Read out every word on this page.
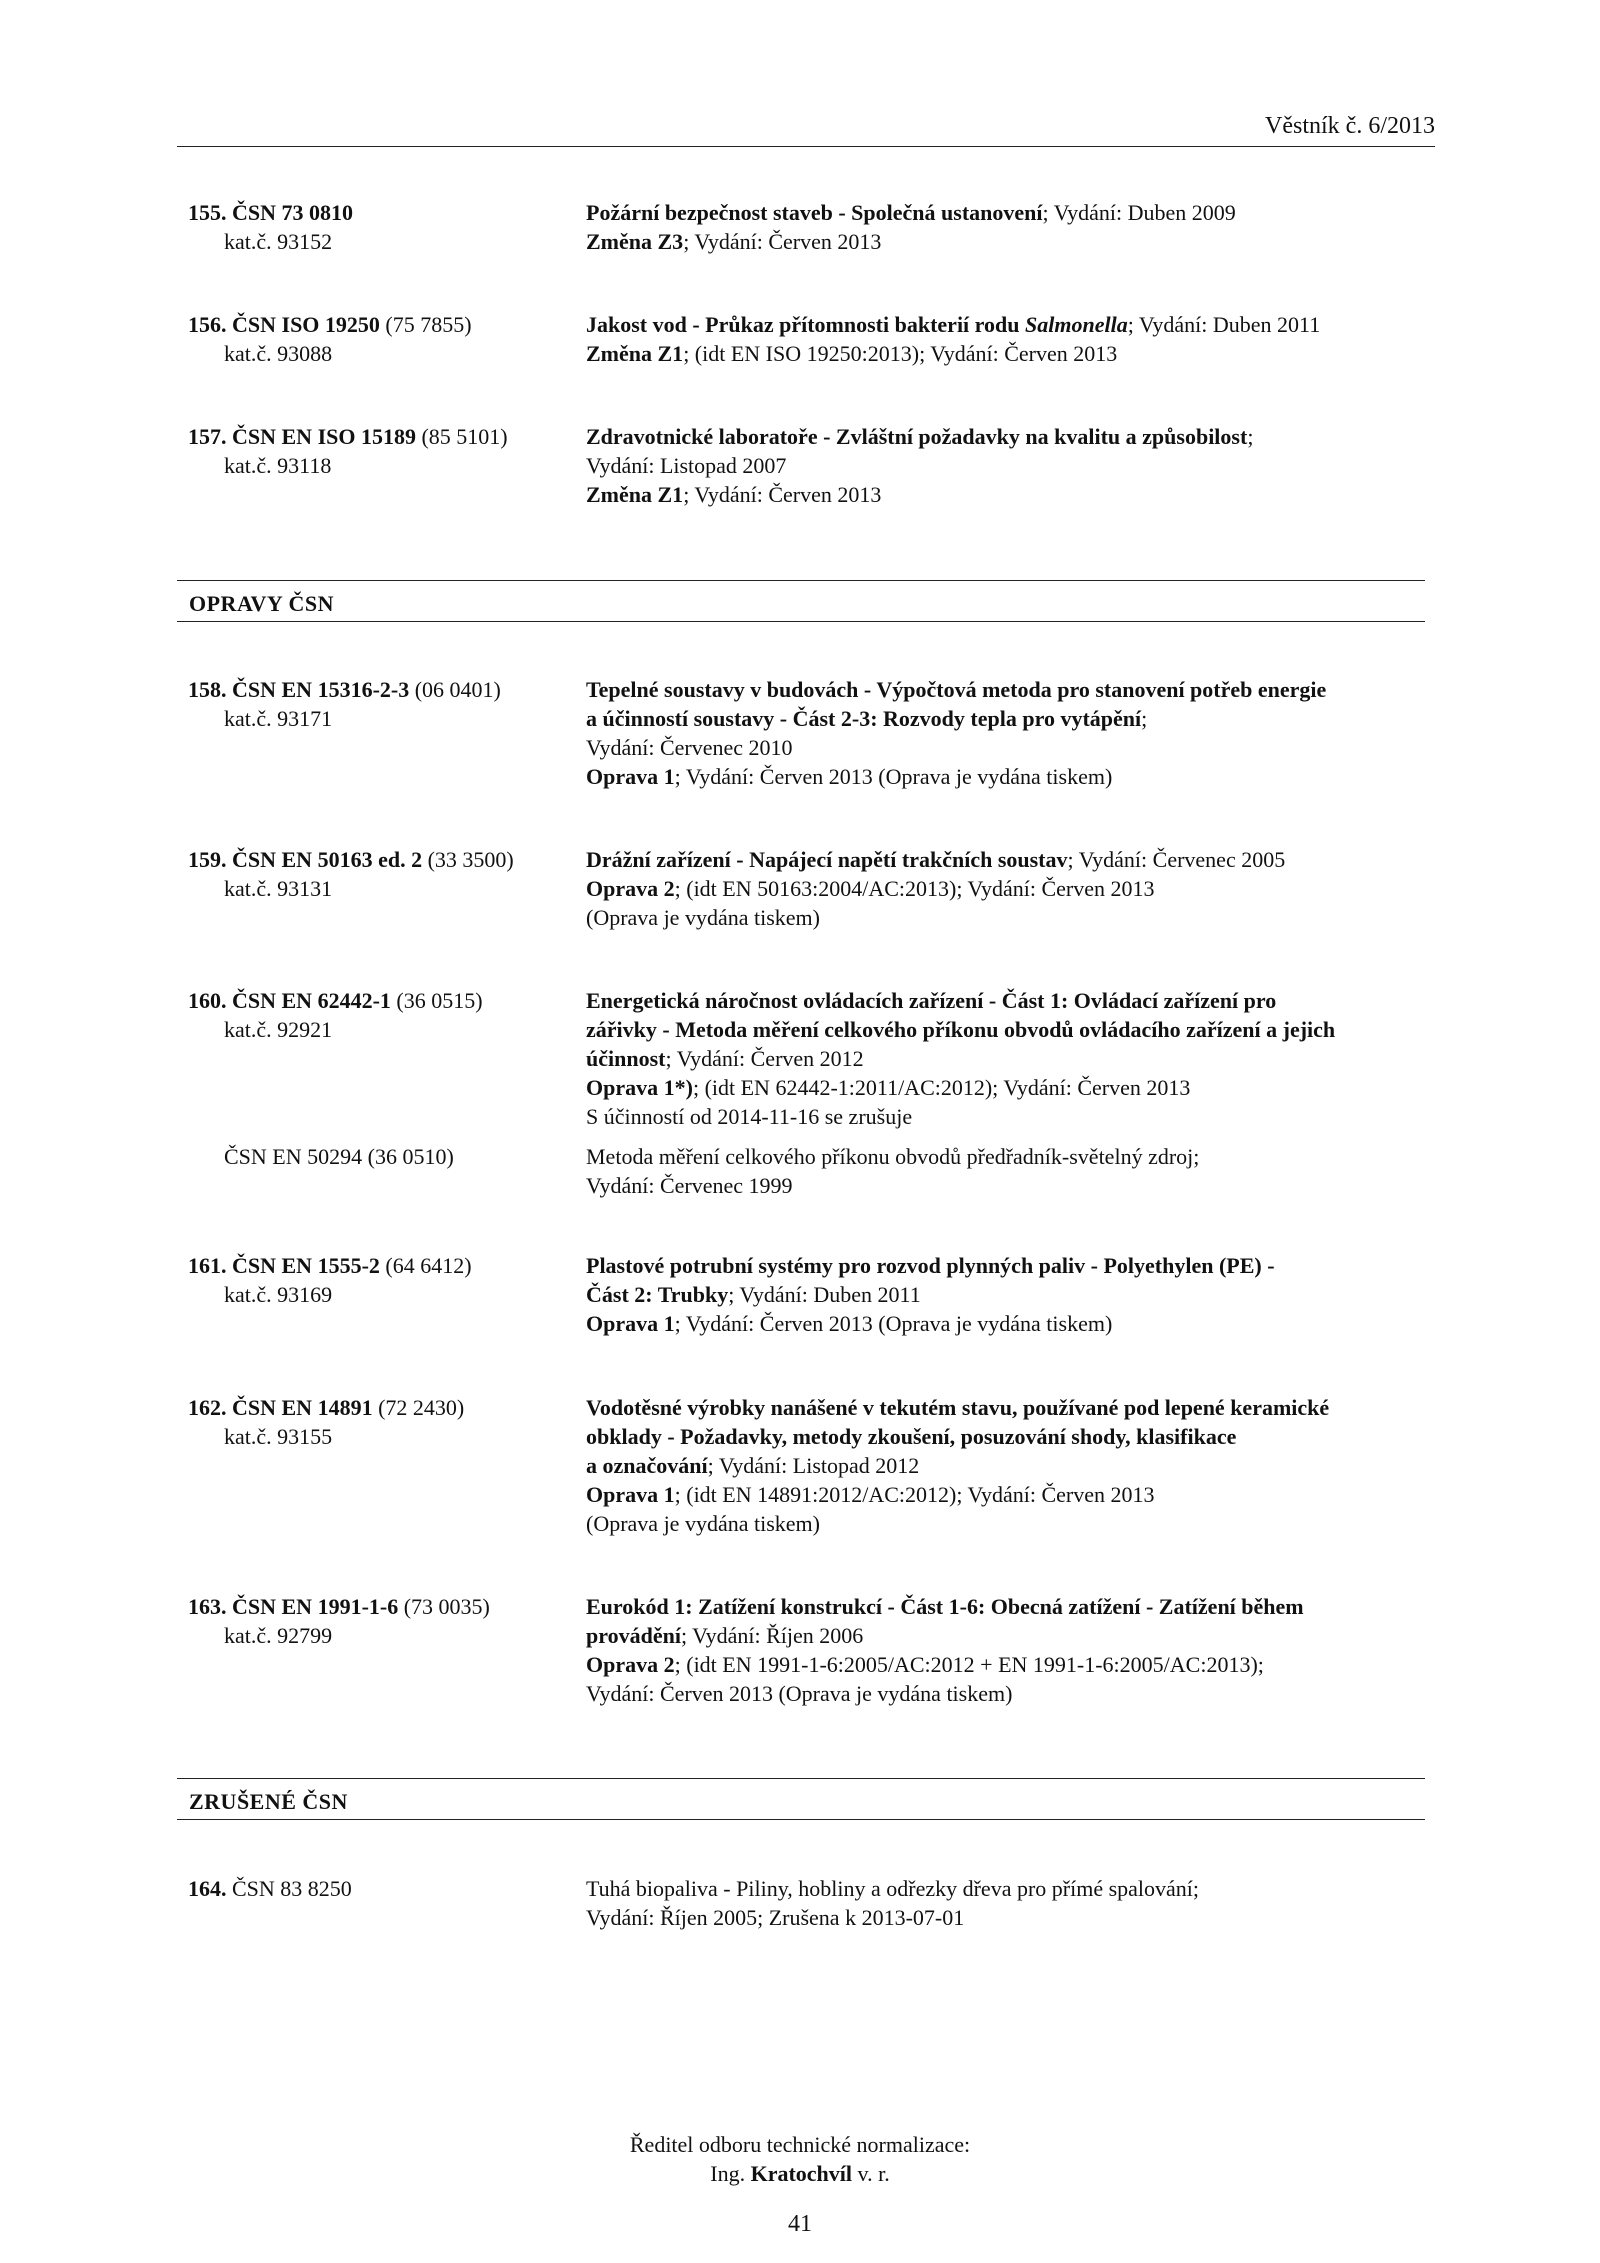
Věstník č. 6/2013
155. ČSN 73 0810
kat.č. 93152
Požární bezpečnost staveb - Společná ustanovení; Vydání: Duben 2009
Změna Z3; Vydání: Červen 2013
156. ČSN ISO 19250 (75 7855)
kat.č. 93088
Jakost vod - Průkaz přítomnosti bakterií rodu Salmonella; Vydání: Duben 2011
Změna Z1; (idt EN ISO 19250:2013); Vydání: Červen 2013
157. ČSN EN ISO 15189 (85 5101)
kat.č. 93118
Zdravotnické laboratoře - Zvláštní požadavky na kvalitu a způsobilost;
Vydání: Listopad 2007
Změna Z1; Vydání: Červen 2013
OPRAVY ČSN
158. ČSN EN 15316-2-3 (06 0401)
kat.č. 93171
Tepelné soustavy v budovách - Výpočtová metoda pro stanovení potřeb energie
a účinností soustavy - Část 2-3: Rozvody tepla pro vytápění;
Vydání: Červenec 2010
Oprava 1; Vydání: Červen 2013 (Oprava je vydána tiskem)
159. ČSN EN 50163 ed. 2 (33 3500)
kat.č. 93131
Drážní zařízení - Napájecí napětí trakčních soustav; Vydání: Červenec 2005
Oprava 2; (idt EN 50163:2004/AC:2013); Vydání: Červen 2013
(Oprava je vydána tiskem)
160. ČSN EN 62442-1 (36 0515)
kat.č. 92921
Energetická náročnost ovládacích zařízení - Část 1: Ovládací zařízení pro
zářivky - Metoda měření celkového příkonu obvodů ovládacího zařízení a jejich
účinnost; Vydání: Červen 2012
Oprava 1*); (idt EN 62442-1:2011/AC:2012); Vydání: Červen 2013
S účinností od 2014-11-16 se zrušuje
ČSN EN 50294 (36 0510)	Metoda měření celkového příkonu obvodů předřadník-světelný zdroj;
Vydání: Červenec 1999
161. ČSN EN 1555-2 (64 6412)
kat.č. 93169
Plastové potrubní systémy pro rozvod plynných paliv - Polyethylen (PE) -
Část 2: Trubky; Vydání: Duben 2011
Oprava 1; Vydání: Červen 2013 (Oprava je vydána tiskem)
162. ČSN EN 14891 (72 2430)
kat.č. 93155
Vodotěsné výrobky nanášené v tekutém stavu, používané pod lepené keramické
obklady - Požadavky, metody zkoušení, posuzování shody, klasifikace
a označování; Vydání: Listopad 2012
Oprava 1; (idt EN 14891:2012/AC:2012); Vydání: Červen 2013
(Oprava je vydána tiskem)
163. ČSN EN 1991-1-6 (73 0035)
kat.č. 92799
Eurokód 1: Zatížení konstrukcí - Část 1-6: Obecná zatížení - Zatížení během
provádění; Vydání: Říjen 2006
Oprava 2; (idt EN 1991-1-6:2005/AC:2012 + EN 1991-1-6:2005/AC:2013);
Vydání: Červen 2013 (Oprava je vydána tiskem)
ZRUŠENÉ ČSN
164. ČSN 83 8250	Tuhá biopaliva - Piliny, hobliny a odřezky dřeva pro přímé spalování;
Vydání: Říjen 2005; Zrušena k 2013-07-01
Ředitel odboru technické normalizace:
Ing. Kratochvíl v. r.
41
